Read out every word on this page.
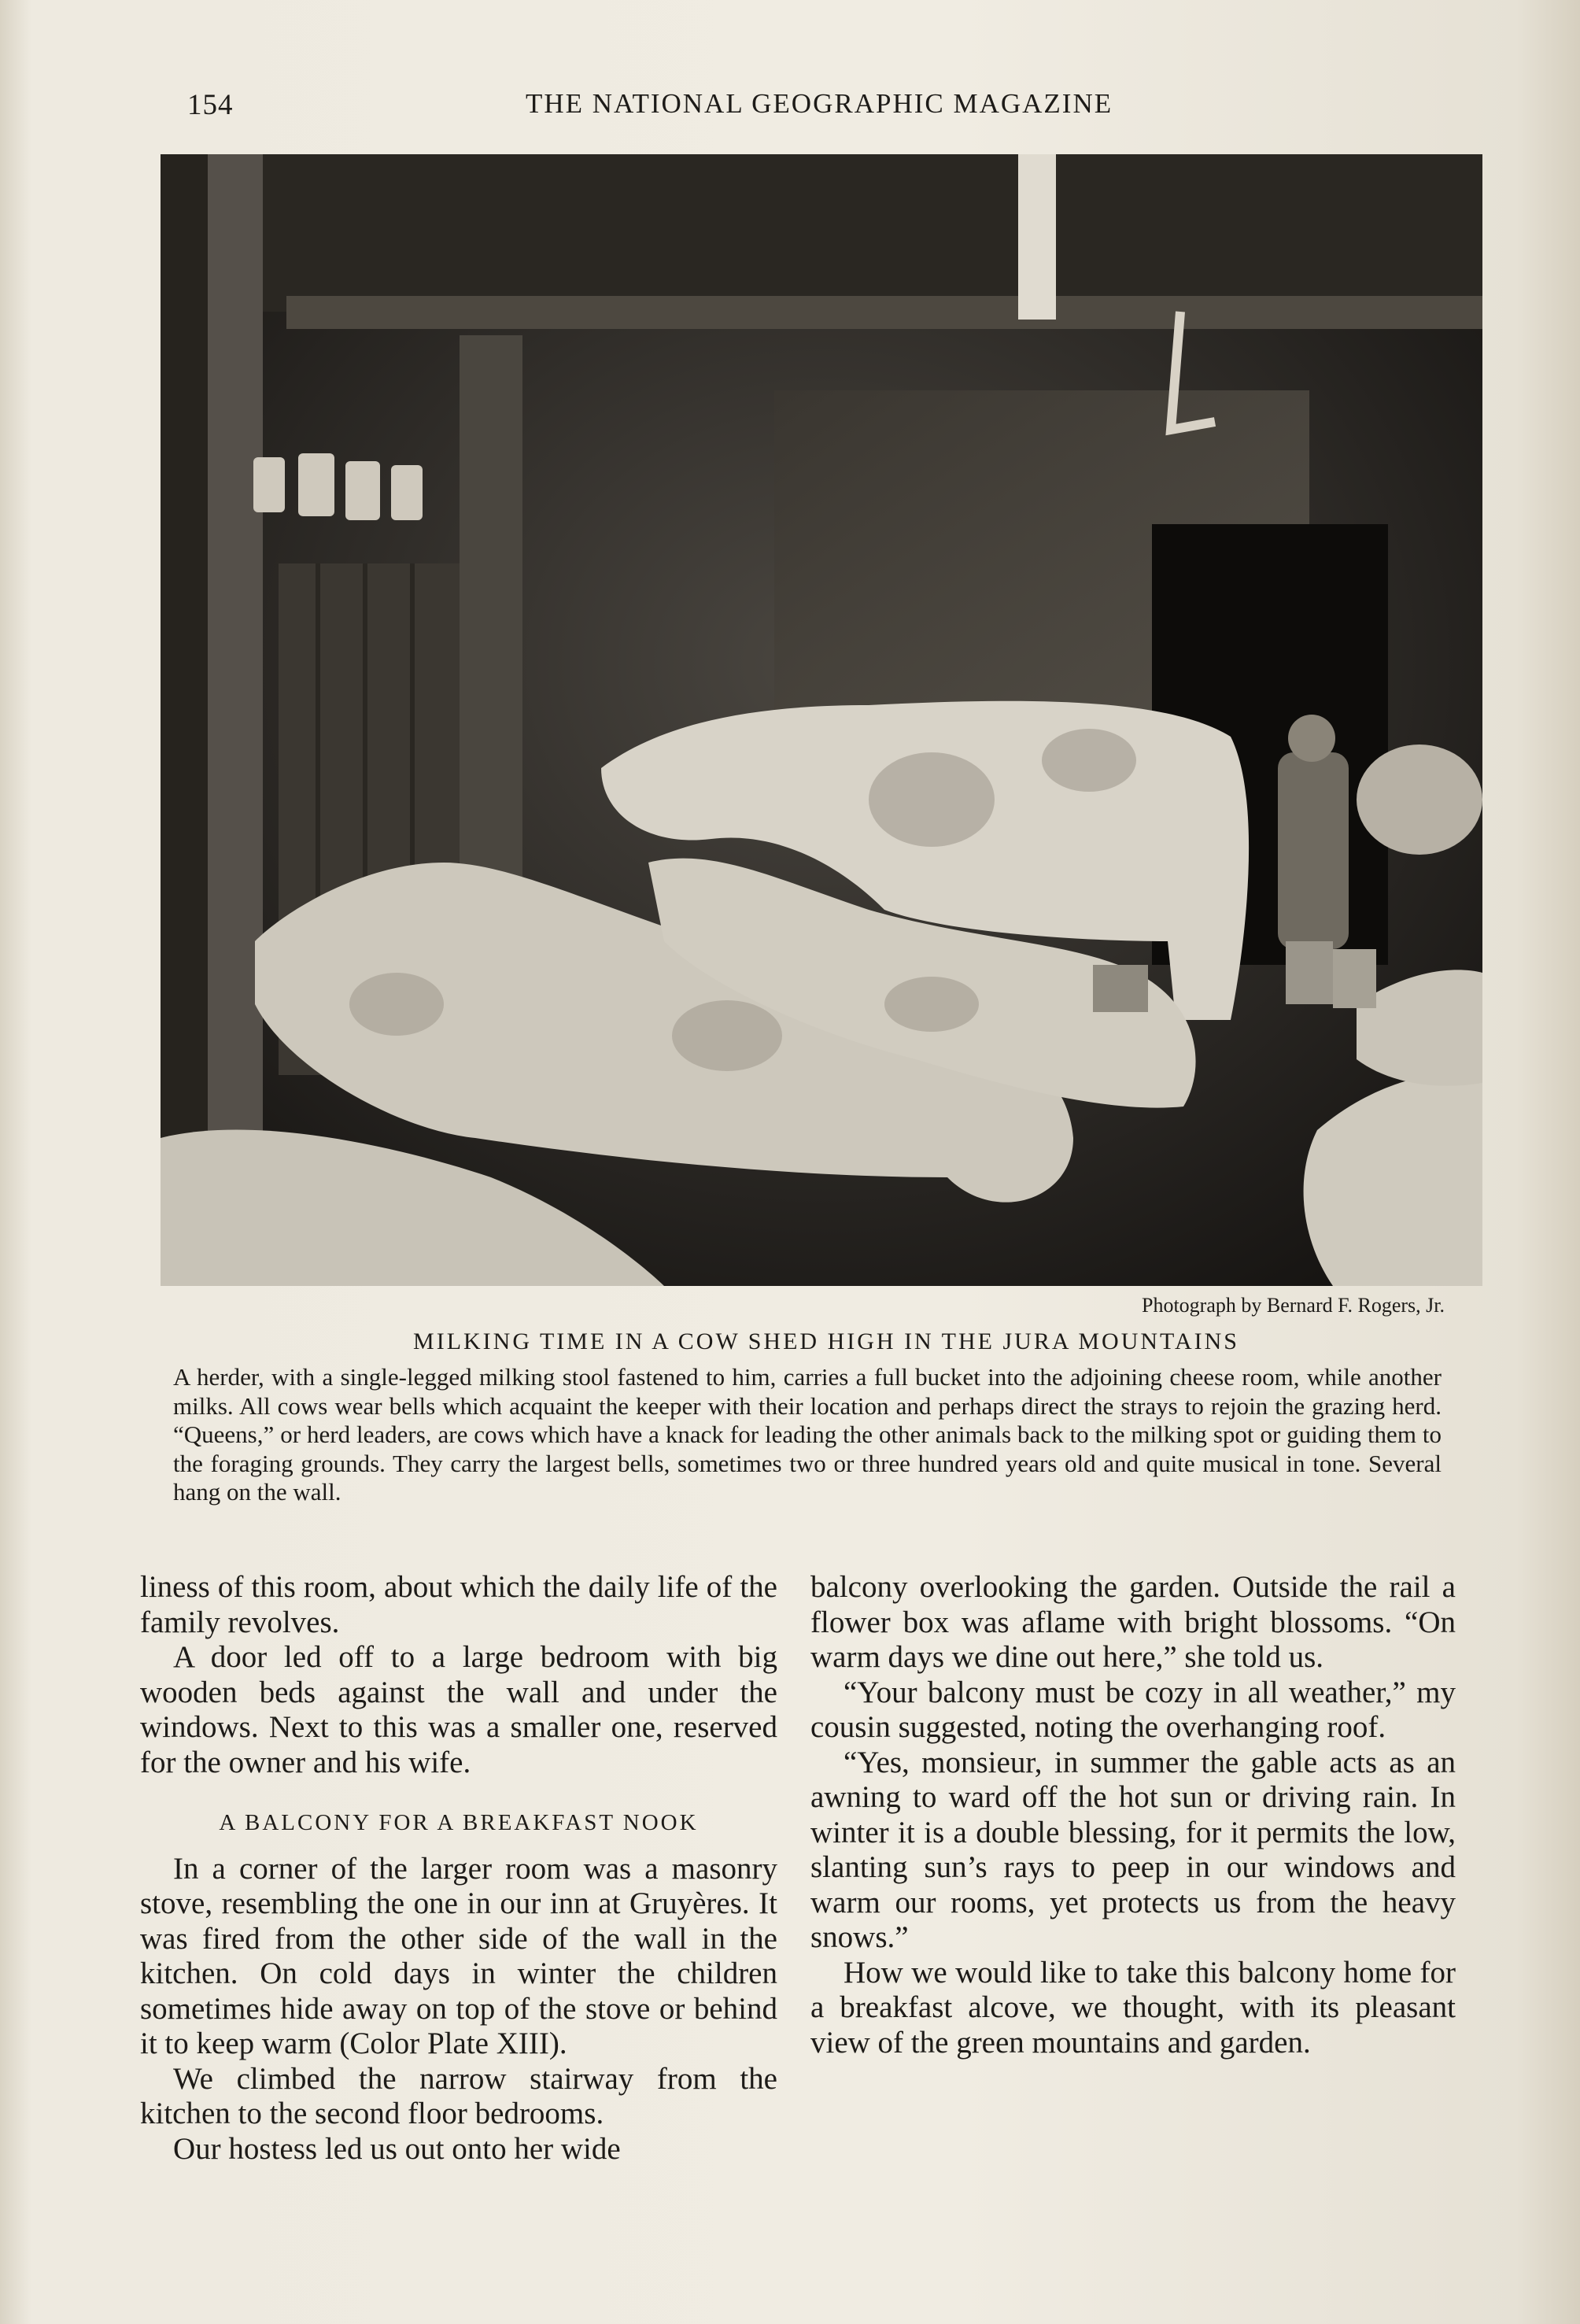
154	THE NATIONAL GEOGRAPHIC MAGAZINE
Photograph by Bernard F. Rogers, Jr.
MILKING TIME IN A COW SHED HIGH IN THE JURA MOUNTAINS
A herder, with a single-legged milking stool fastened to him, carries a full bucket into the adjoining cheese room, while another milks. All cows wear bells which acquaint the keeper with their location and perhaps direct the strays to rejoin the grazing herd. “Queens,” or herd leaders, are cows which have a knack for leading the other animals back to the milking spot or guiding them to the foraging grounds. They carry the largest bells, sometimes two or three hundred years old and quite musical in tone. Several hang on the wall.

liness of this room, about which the daily life of the family revolves.

A door led off to a large bedroom with big wooden beds against the wall and under the windows. Next to this was a smaller one, reserved for the owner and his wife.

A BALCONY FOR A BREAKFAST NOOK

In a corner of the larger room was a masonry stove, resembling the one in our inn at Gruyères. It was fired from the other side of the wall in the kitchen. On cold days in winter the children sometimes hide away on top of the stove or behind it to keep warm (Color Plate XIII).

We climbed the narrow stairway from the kitchen to the second floor bedrooms.

Our hostess led us out onto her wide

balcony overlooking the garden. Outside the rail a flower box was aflame with bright blossoms. “On warm days we dine out here,” she told us.

“Your balcony must be cozy in all weather,” my cousin suggested, noting the overhanging roof.

“Yes, monsieur, in summer the gable acts as an awning to ward off the hot sun or driving rain. In winter it is a double blessing, for it permits the low, slanting sun’s rays to peep in our windows and warm our rooms, yet protects us from the heavy snows.”

How we would like to take this balcony home for a breakfast alcove, we thought, with its pleasant view of the green mountains and garden.
